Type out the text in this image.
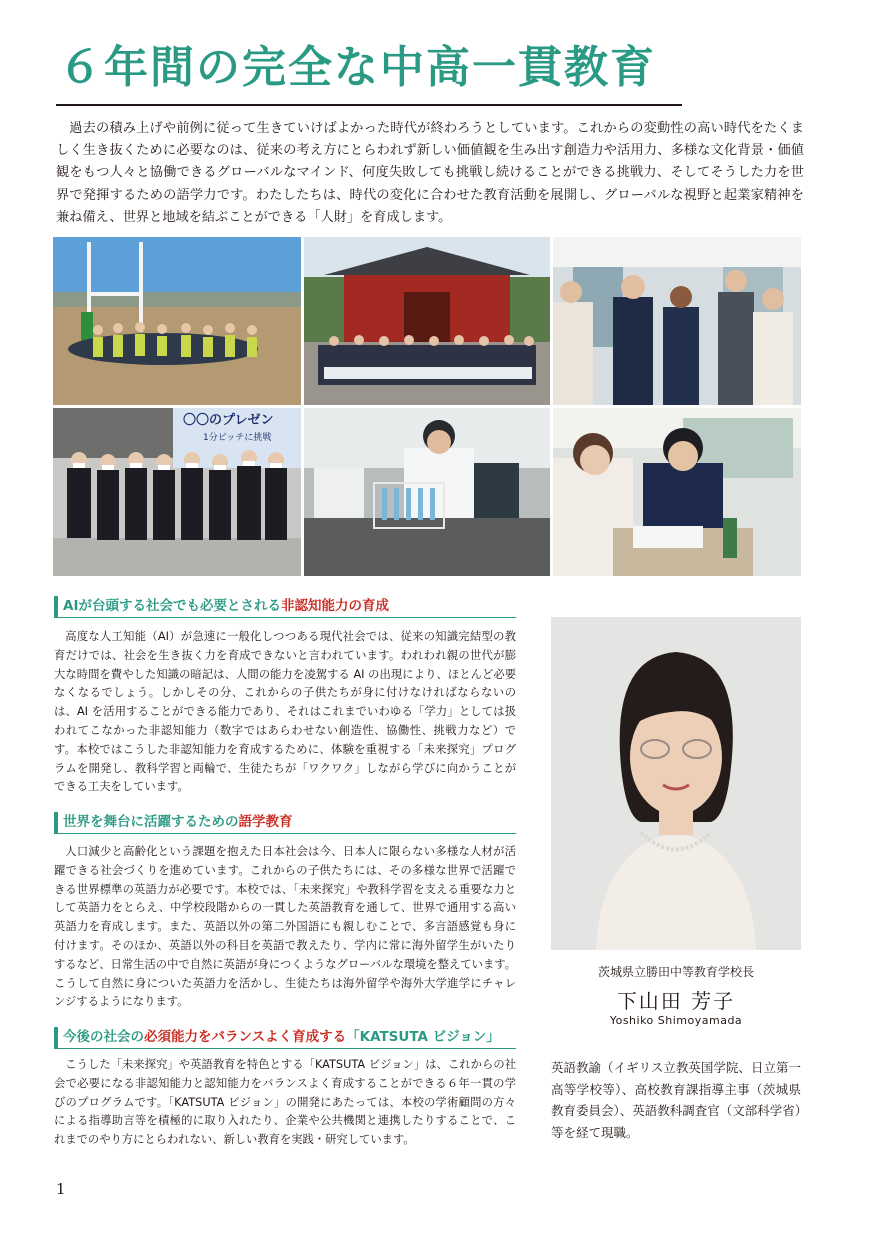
６年間の完全な中高一貫教育

過去の積み上げや前例に従って生きていけばよかった時代が終わろうとしています。これからの変動性の高い時代をたくましく生き抜くために必要なのは、従来の考え方にとらわれず新しい価値観を生み出す創造力や活用力、多様な文化背景・価値観をもつ人々と協働できるグローバルなマインド、何度失敗しても挑戦し続けることができる挑戦力、そしてそうした力を世界で発揮するための語学力です。わたしたちは、時代の変化に合わせた教育活動を展開し、グローバルな視野と起業家精神を兼ね備え、世界と地域を結ぶことができる「人財」を育成します。

〇〇のプレゼン
1分ピッチに挑戦
AIが台頭する社会でも必要とされる非認知能力の育成

高度な人工知能（AI）が急速に一般化しつつある現代社会では、従来の知識完結型の教育だけでは、社会を生き抜く力を育成できないと言われています。われわれ親の世代が膨大な時間を費やした知識の暗記は、人間の能力を凌駕する AI の出現により、ほとんど必要なくなるでしょう。しかしその分、これからの子供たちが身に付けなければならないのは、AI を活用することができる能力であり、それはこれまでいわゆる「学力」としては扱われてこなかった非認知能力（数字ではあらわせない創造性、協働性、挑戦力など）です。本校ではこうした非認知能力を育成するために、体験を重視する「未来探究」プログラムを開発し、教科学習と両輪で、生徒たちが「ワクワク」しながら学びに向かうことができる工夫をしています。

世界を舞台に活躍するための語学教育

人口減少と高齢化という課題を抱えた日本社会は今、日本人に限らない多様な人材が活躍できる社会づくりを進めています。これからの子供たちには、その多様な世界で活躍できる世界標準の英語力が必要です。本校では、「未来探究」や教科学習を支える重要な力として英語力をとらえ、中学校段階からの一貫した英語教育を通して、世界で通用する高い英語力を育成します。また、英語以外の第二外国語にも親しむことで、多言語感覚も身に付けます。そのほか、英語以外の科目を英語で教えたり、学内に常に海外留学生がいたりするなど、日常生活の中で自然に英語が身につくようなグローバルな環境を整えています。こうして自然に身についた英語力を活かし、生徒たちは海外留学や海外大学進学にチャレンジするようになります。

今後の社会の必須能力をバランスよく育成する「KATSUTA ビジョン」

こうした「未来探究」や英語教育を特色とする「KATSUTA ビジョン」は、これからの社会で必要になる非認知能力と認知能力をバランスよく育成することができる６年一貫の学びのプログラムです。「KATSUTA ビジョン」の開発にあたっては、本校の学術顧問の方々による指導助言等を積極的に取り入れたり、企業や公共機関と連携したりすることで、これまでのやり方にとらわれない、新しい教育を実践・研究しています。

茨城県立勝田中等教育学校長

下山田 芳子

Yoshiko Shimoyamada

英語教諭（イギリス立教英国学院、日立第一高等学校等）、高校教育課指導主事（茨城県教育委員会）、英語教科調査官（文部科学省）等を経て現職。

1
